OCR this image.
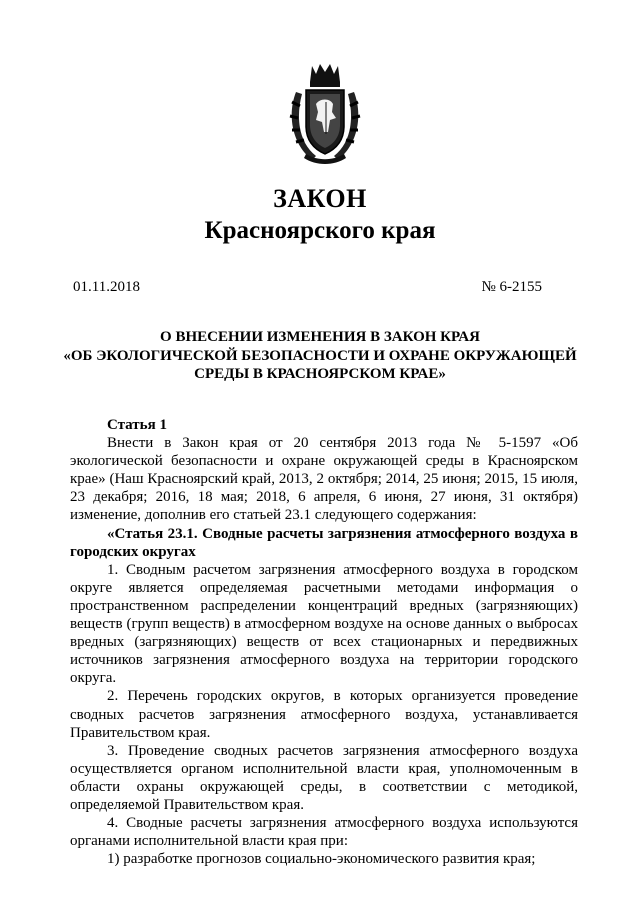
ЗАКОН
Красноярского края
01.11.2018	№ 6-2155
О ВНЕСЕНИИ ИЗМЕНЕНИЯ В ЗАКОН КРАЯ
«ОБ ЭКОЛОГИЧЕСКОЙ БЕЗОПАСНОСТИ И ОХРАНЕ ОКРУЖАЮЩЕЙ
СРЕДЫ В КРАСНОЯРСКОМ КРАЕ»
Статья 1

Внести в Закон края от 20 сентября 2013 года № 5-1597 «Об экологической безопасности и охране окружающей среды в Красноярском крае» (Наш Красноярский край, 2013, 2 октября; 2014, 25 июня; 2015, 15 июля, 23 декабря; 2016, 18 мая; 2018, 6 апреля, 6 июня, 27 июня, 31 октября) изменение, дополнив его статьей 23.1 следующего содержания:

«Статья 23.1. Сводные расчеты загрязнения атмосферного воздуха в городских округах

1. Сводным расчетом загрязнения атмосферного воздуха в городском округе является определяемая расчетными методами информация о пространственном распределении концентраций вредных (загрязняющих) веществ (групп веществ) в атмосферном воздухе на основе данных о выбросах вредных (загрязняющих) веществ от всех стационарных и передвижных источников загрязнения атмосферного воздуха на территории городского округа.

2. Перечень городских округов, в которых организуется проведение сводных расчетов загрязнения атмосферного воздуха, устанавливается Правительством края.

3. Проведение сводных расчетов загрязнения атмосферного воздуха осуществляется органом исполнительной власти края, уполномоченным в области охраны окружающей среды, в соответствии с методикой, определяемой Правительством края.

4. Сводные расчеты загрязнения атмосферного воздуха используются органами исполнительной власти края при:

1) разработке прогнозов социально-экономического развития края;
